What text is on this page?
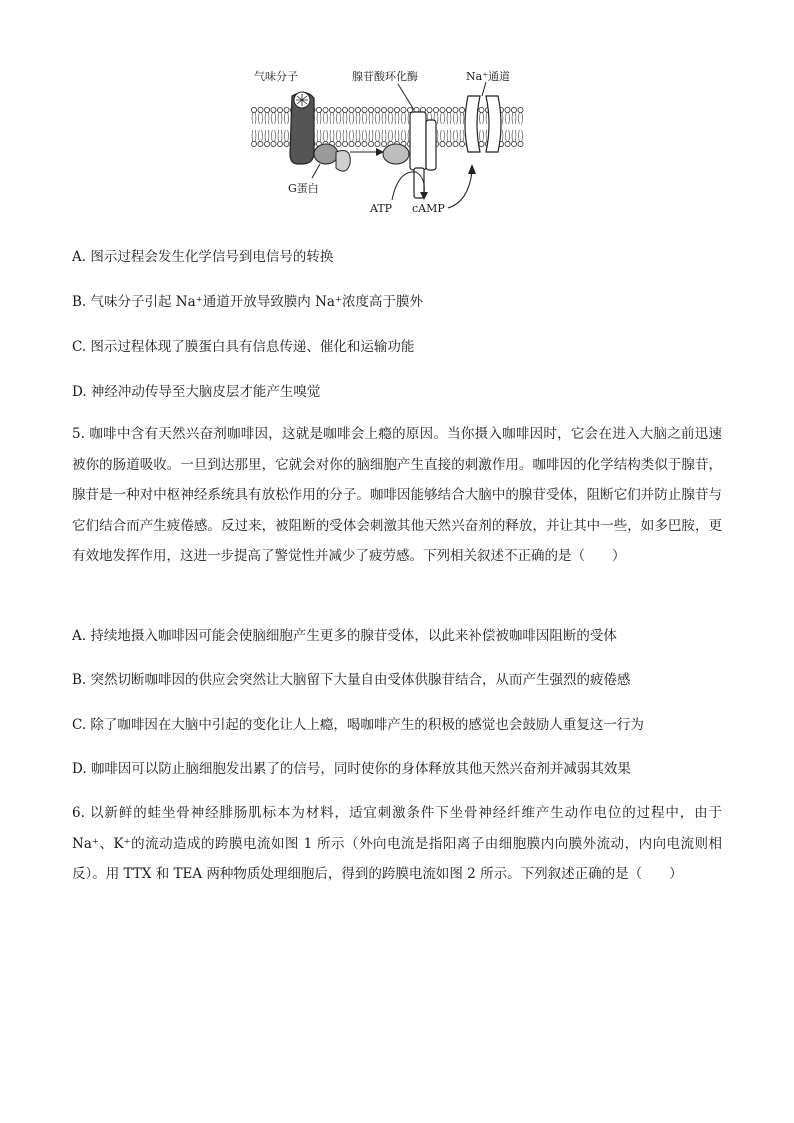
气味分子	腺苷酸环化酶	Na⁺通道
G蛋白
ATP cAMP
A. 图示过程会发生化学信号到电信号的转换
B. 气味分子引起 Na⁺通道开放导致膜内 Na⁺浓度高于膜外
C. 图示过程体现了膜蛋白具有信息传递、催化和运输功能
D. 神经冲动传导至大脑皮层才能产生嗅觉
5. 咖啡中含有天然兴奋剂咖啡因，这就是咖啡会上瘾的原因。当你摄入咖啡因时，它会在进入大脑之前迅速被你的肠道吸收。一旦到达那里，它就会对你的脑细胞产生直接的刺激作用。咖啡因的化学结构类似于腺苷，腺苷是一种对中枢神经系统具有放松作用的分子。咖啡因能够结合大脑中的腺苷受体，阻断它们并防止腺苷与它们结合而产生疲倦感。反过来，被阻断的受体会刺激其他天然兴奋剂的释放，并让其中一些，如多巴胺，更有效地发挥作用，这进一步提高了警觉性并减少了疲劳感。下列相关叙述不正确的是（　　）
A. 持续地摄入咖啡因可能会使脑细胞产生更多的腺苷受体，以此来补偿被咖啡因阻断的受体
B. 突然切断咖啡因的供应会突然让大脑留下大量自由受体供腺苷结合，从而产生强烈的疲倦感
C. 除了咖啡因在大脑中引起的变化让人上瘾，喝咖啡产生的积极的感觉也会鼓励人重复这一行为
D. 咖啡因可以防止脑细胞发出累了的信号，同时使你的身体释放其他天然兴奋剂并减弱其效果
6. 以新鲜的蛙坐骨神经腓肠肌标本为材料，适宜刺激条件下坐骨神经纤维产生动作电位的过程中，由于Na⁺、K⁺的流动造成的跨膜电流如图 1 所示（外向电流是指阳离子由细胞膜内向膜外流动，内向电流则相反）。用 TTX 和 TEA 两种物质处理细胞后，得到的跨膜电流如图 2 所示。下列叙述正确的是（　　）
